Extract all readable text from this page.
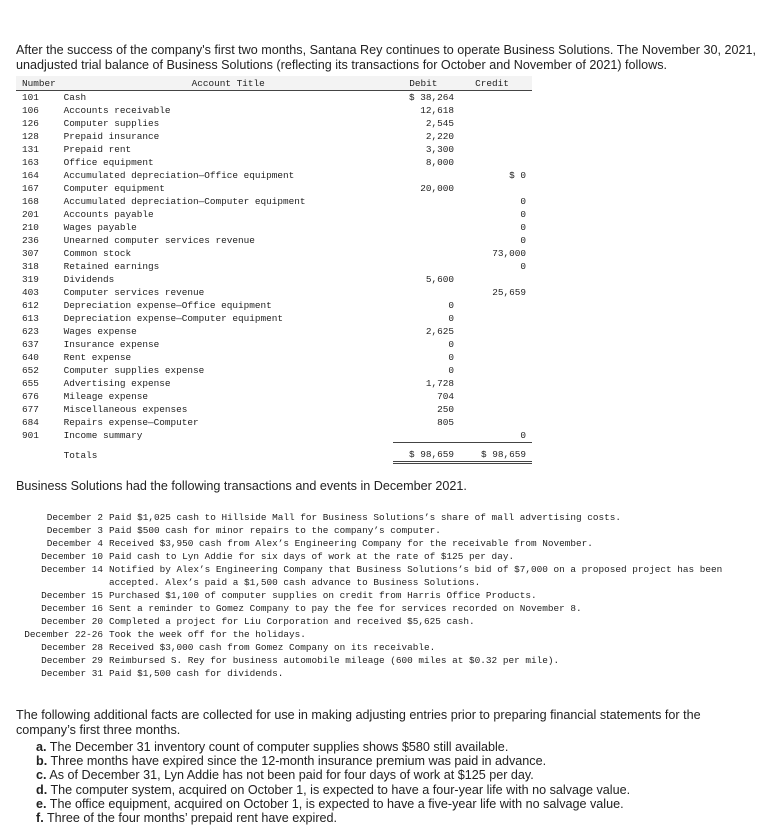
After the success of the company's first two months, Santana Rey continues to operate Business Solutions. The November 30, 2021, unadjusted trial balance of Business Solutions (reflecting its transactions for October and November of 2021) follows.

Number	Account Title	Debit	Credit
101	Cash	$ 38,264	
106	Accounts receivable	12,618	
126	Computer supplies	2,545	
128	Prepaid insurance	2,220	
131	Prepaid rent	3,300	
163	Office equipment	8,000	
164	Accumulated depreciation—Office equipment		$ 0
167	Computer equipment	20,000	
168	Accumulated depreciation—Computer equipment		0
201	Accounts payable		0
210	Wages payable		0
236	Unearned computer services revenue		0
307	Common stock		73,000
318	Retained earnings		0
319	Dividends	5,600	
403	Computer services revenue		25,659
612	Depreciation expense—Office equipment	0	
613	Depreciation expense—Computer equipment	0	
623	Wages expense	2,625	
637	Insurance expense	0	
640	Rent expense	0	
652	Computer supplies expense	0	
655	Advertising expense	1,728	
676	Mileage expense	704	
677	Miscellaneous expenses	250	
684	Repairs expense—Computer	805	
901	Income summary		0
	Totals	$ 98,659	$ 98,659
Business Solutions had the following transactions and events in December 2021.
December 2	Paid $1,025 cash to Hillside Mall for Business Solutions’s share of mall advertising costs.
December 3	Paid $500 cash for minor repairs to the company’s computer.
December 4	Received $3,950 cash from Alex’s Engineering Company for the receivable from November.
December 10	Paid cash to Lyn Addie for six days of work at the rate of $125 per day.
December 14	Notified by Alex’s Engineering Company that Business Solutions’s bid of $7,000 on a proposed project has been accepted. Alex’s paid a $1,500 cash advance to Business Solutions.
December 15	Purchased $1,100 of computer supplies on credit from Harris Office Products.
December 16	Sent a reminder to Gomez Company to pay the fee for services recorded on November 8.
December 20	Completed a project for Liu Corporation and received $5,625 cash.
December 22-26	Took the week off for the holidays.
December 28	Received $3,000 cash from Gomez Company on its receivable.
December 29	Reimbursed S. Rey for business automobile mileage (600 miles at $0.32 per mile).
December 31	Paid $1,500 cash for dividends.

The following additional facts are collected for use in making adjusting entries prior to preparing financial statements for the company’s first three months.

a. The December 31 inventory count of computer supplies shows $580 still available.
b. Three months have expired since the 12-month insurance premium was paid in advance.
c. As of December 31, Lyn Addie has not been paid for four days of work at $125 per day.
d. The computer system, acquired on October 1, is expected to have a four-year life with no salvage value.
e. The office equipment, acquired on October 1, is expected to have a five-year life with no salvage value.
f. Three of the four months’ prepaid rent have expired.
